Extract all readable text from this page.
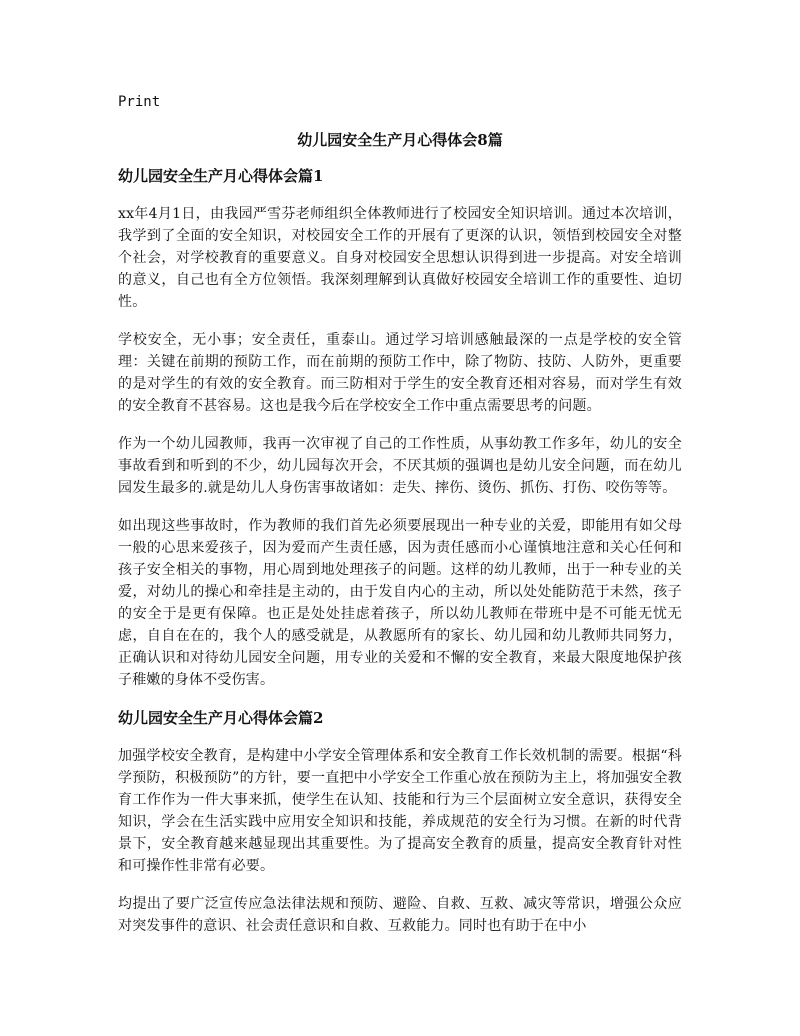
Print
幼儿园安全生产月心得体会8篇
幼儿园安全生产月心得体会篇1

xx年4月1日，由我园严雪芬老师组织全体教师进行了校园安全知识培训。通过本次培训，我学到了全面的安全知识，对校园安全工作的开展有了更深的认识，领悟到校园安全对整个社会，对学校教育的重要意义。自身对校园安全思想认识得到进一步提高。对安全培训的意义，自己也有全方位领悟。我深刻理解到认真做好校园安全培训工作的重要性、迫切性。

学校安全，无小事；安全责任，重泰山。通过学习培训感触最深的一点是学校的安全管理：关键在前期的预防工作，而在前期的预防工作中，除了物防、技防、人防外，更重要的是对学生的有效的安全教育。而三防相对于学生的安全教育还相对容易，而对学生有效的安全教育不甚容易。这也是我今后在学校安全工作中重点需要思考的问题。

作为一个幼儿园教师，我再一次审视了自己的工作性质，从事幼教工作多年，幼儿的安全事故看到和听到的不少，幼儿园每次开会，不厌其烦的强调也是幼儿安全问题，而在幼儿园发生最多的.就是幼儿人身伤害事故诸如：走失、摔伤、烫伤、抓伤、打伤、咬伤等等。

如出现这些事故时，作为教师的我们首先必须要展现出一种专业的关爱，即能用有如父母一般的心思来爱孩子，因为爱而产生责任感，因为责任感而小心谨慎地注意和关心任何和孩子安全相关的事物，用心周到地处理孩子的问题。这样的幼儿教师，出于一种专业的关爱，对幼儿的操心和牵挂是主动的，由于发自内心的主动，所以处处能防范于未然，孩子的安全于是更有保障。也正是处处挂虑着孩子，所以幼儿教师在带班中是不可能无忧无虑，自自在在的，我个人的感受就是，从教愿所有的家长、幼儿园和幼儿教师共同努力，正确认识和对待幼儿园安全问题，用专业的关爱和不懈的安全教育，来最大限度地保护孩子稚嫩的身体不受伤害。

幼儿园安全生产月心得体会篇2

加强学校安全教育，是构建中小学安全管理体系和安全教育工作长效机制的需要。根据“科学预防，积极预防”的方针，要一直把中小学安全工作重心放在预防为主上，将加强安全教育工作作为一件大事来抓，使学生在认知、技能和行为三个层面树立安全意识，获得安全知识，学会在生活实践中应用安全知识和技能，养成规范的安全行为习惯。在新的时代背景下，安全教育越来越显现出其重要性。为了提高安全教育的质量，提高安全教育针对性和可操作性非常有必要。

均提出了要广泛宣传应急法律法规和预防、避险、自救、互救、减灾等常识，增强公众应对突发事件的意识、社会责任意识和自救、互救能力。同时也有助于在中小
